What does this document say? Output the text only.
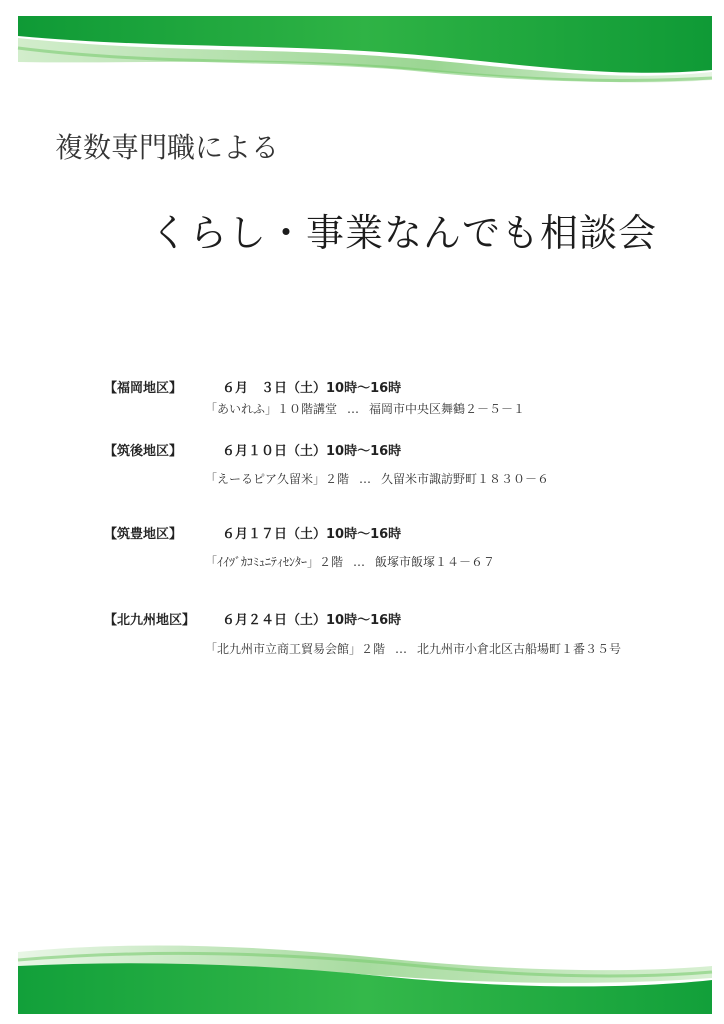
複数専門職による
くらし・事業なんでも相談会
【福岡地区】	６月　３日（土）10時〜16時
「あいれふ」１０階講堂 … 福岡市中央区舞鶴２－５－１
【筑後地区】	６月１０日（土）10時〜16時
「えーるピア久留米」２階 … 久留米市諏訪野町１８３０－６
【筑豊地区】	６月１７日（土）10時〜16時
「ｲｲﾂﾞｶｺﾐｭﾆﾃｨｾﾝﾀｰ」２階 … 飯塚市飯塚１４－６７
【北九州地区】 ６月２４日（土）10時〜16時
「北九州市立商工貿易会館」２階 … 北九州市小倉北区古船場町１番３５号
